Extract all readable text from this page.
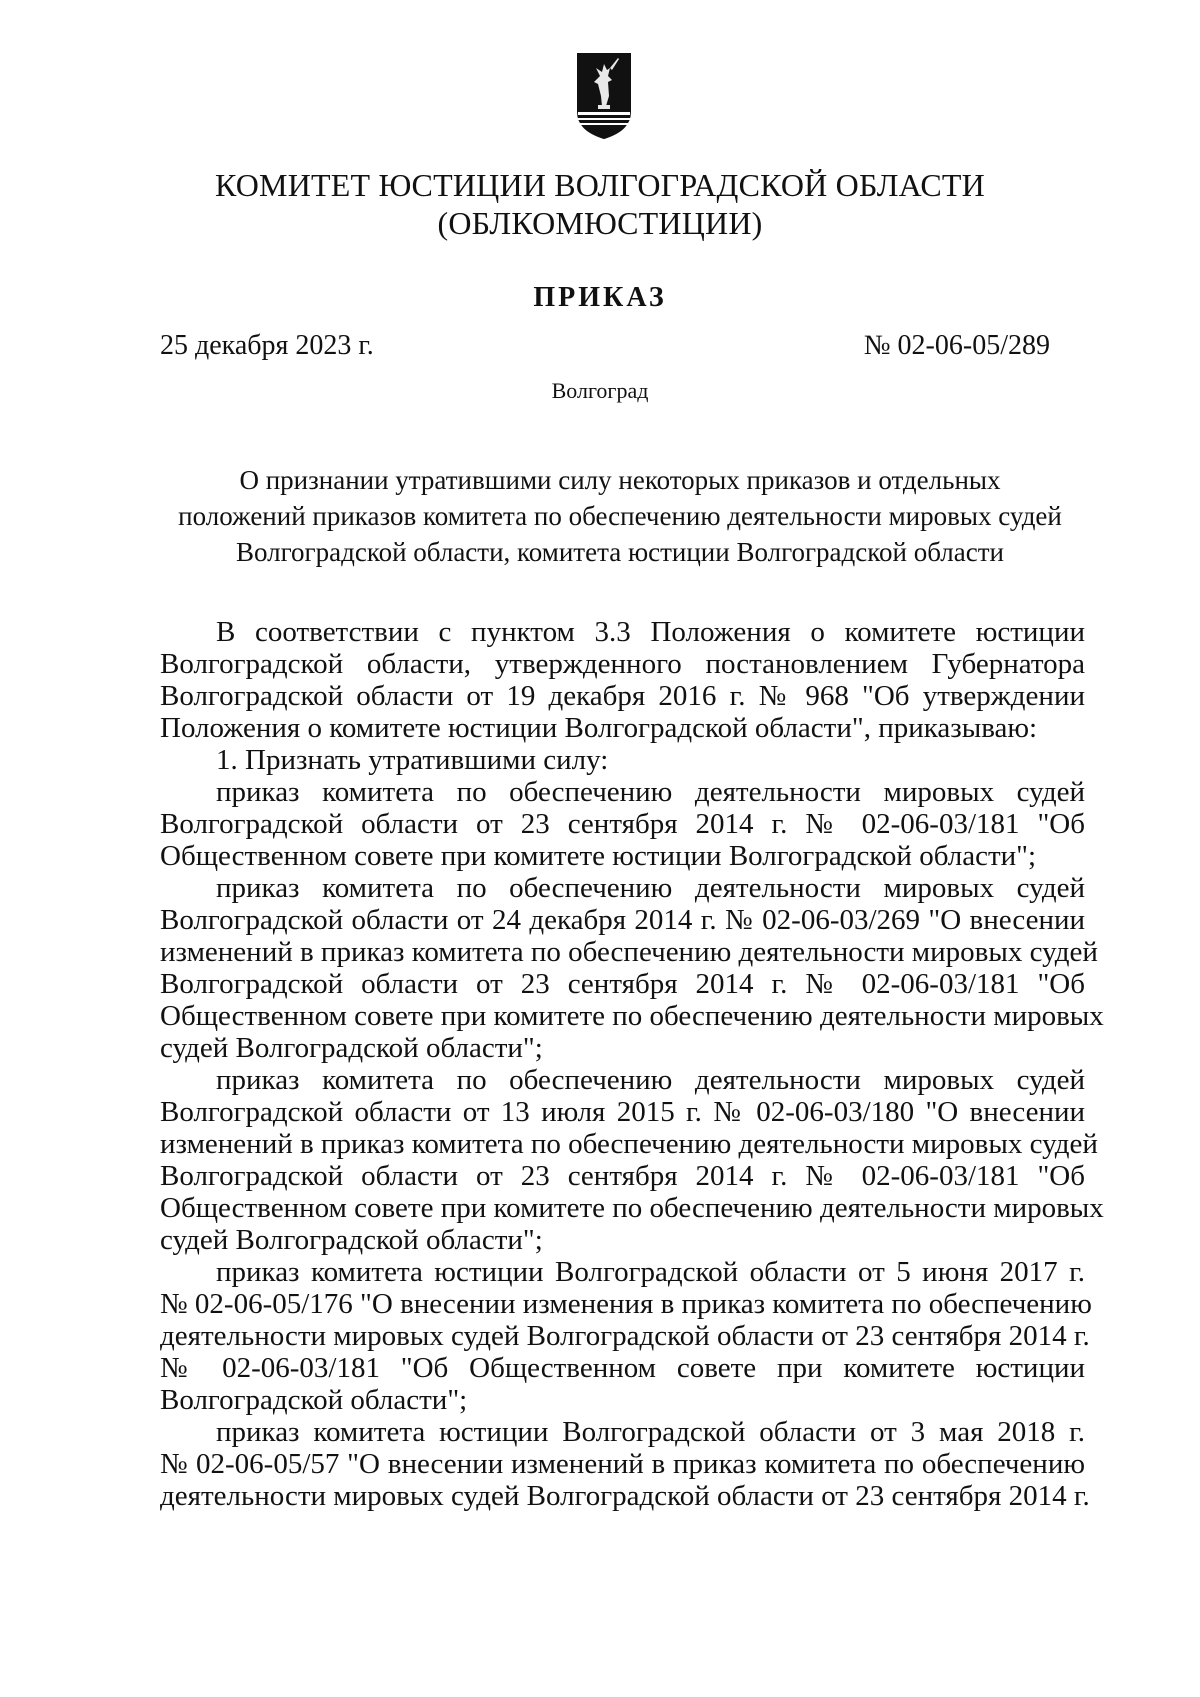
КОМИТЕТ ЮСТИЦИИ ВОЛГОГРАДСКОЙ ОБЛАСТИ
(ОБЛКОМЮСТИЦИИ)
ПРИКАЗ
25 декабря 2023 г.	№ 02-06-05/289
Волгоград
О признании утратившими силу некоторых приказов и отдельных
положений приказов комитета по обеспечению деятельности мировых судей
Волгоградской области, комитета юстиции Волгоградской области
В соответствии с пунктом 3.3 Положения о комитете юстиции
Волгоградской области, утвержденного постановлением Губернатора
Волгоградской области от 19 декабря 2016 г. № 968 "Об утверждении
Положения о комитете юстиции Волгоградской области", приказываю:
1. Признать утратившими силу:
приказ комитета по обеспечению деятельности мировых судей
Волгоградской области от 23 сентября 2014 г. № 02-06-03/181 "Об
Общественном совете при комитете юстиции Волгоградской области";
приказ комитета по обеспечению деятельности мировых судей
Волгоградской области от 24 декабря 2014 г. № 02-06-03/269 "О внесении
изменений в приказ комитета по обеспечению деятельности мировых судей
Волгоградской области от 23 сентября 2014 г. № 02-06-03/181 "Об
Общественном совете при комитете по обеспечению деятельности мировых
судей Волгоградской области";
приказ комитета по обеспечению деятельности мировых судей
Волгоградской области от 13 июля 2015 г. № 02-06-03/180 "О внесении
изменений в приказ комитета по обеспечению деятельности мировых судей
Волгоградской области от 23 сентября 2014 г. № 02-06-03/181 "Об
Общественном совете при комитете по обеспечению деятельности мировых
судей Волгоградской области";
приказ комитета юстиции Волгоградской области от 5 июня 2017 г.
№ 02-06-05/176 "О внесении изменения в приказ комитета по обеспечению
деятельности мировых судей Волгоградской области от 23 сентября 2014 г.
№ 02-06-03/181 "Об Общественном совете при комитете юстиции
Волгоградской области";
приказ комитета юстиции Волгоградской области от 3 мая 2018 г.
№ 02-06-05/57 "О внесении изменений в приказ комитета по обеспечению
деятельности мировых судей Волгоградской области от 23 сентября 2014 г.
